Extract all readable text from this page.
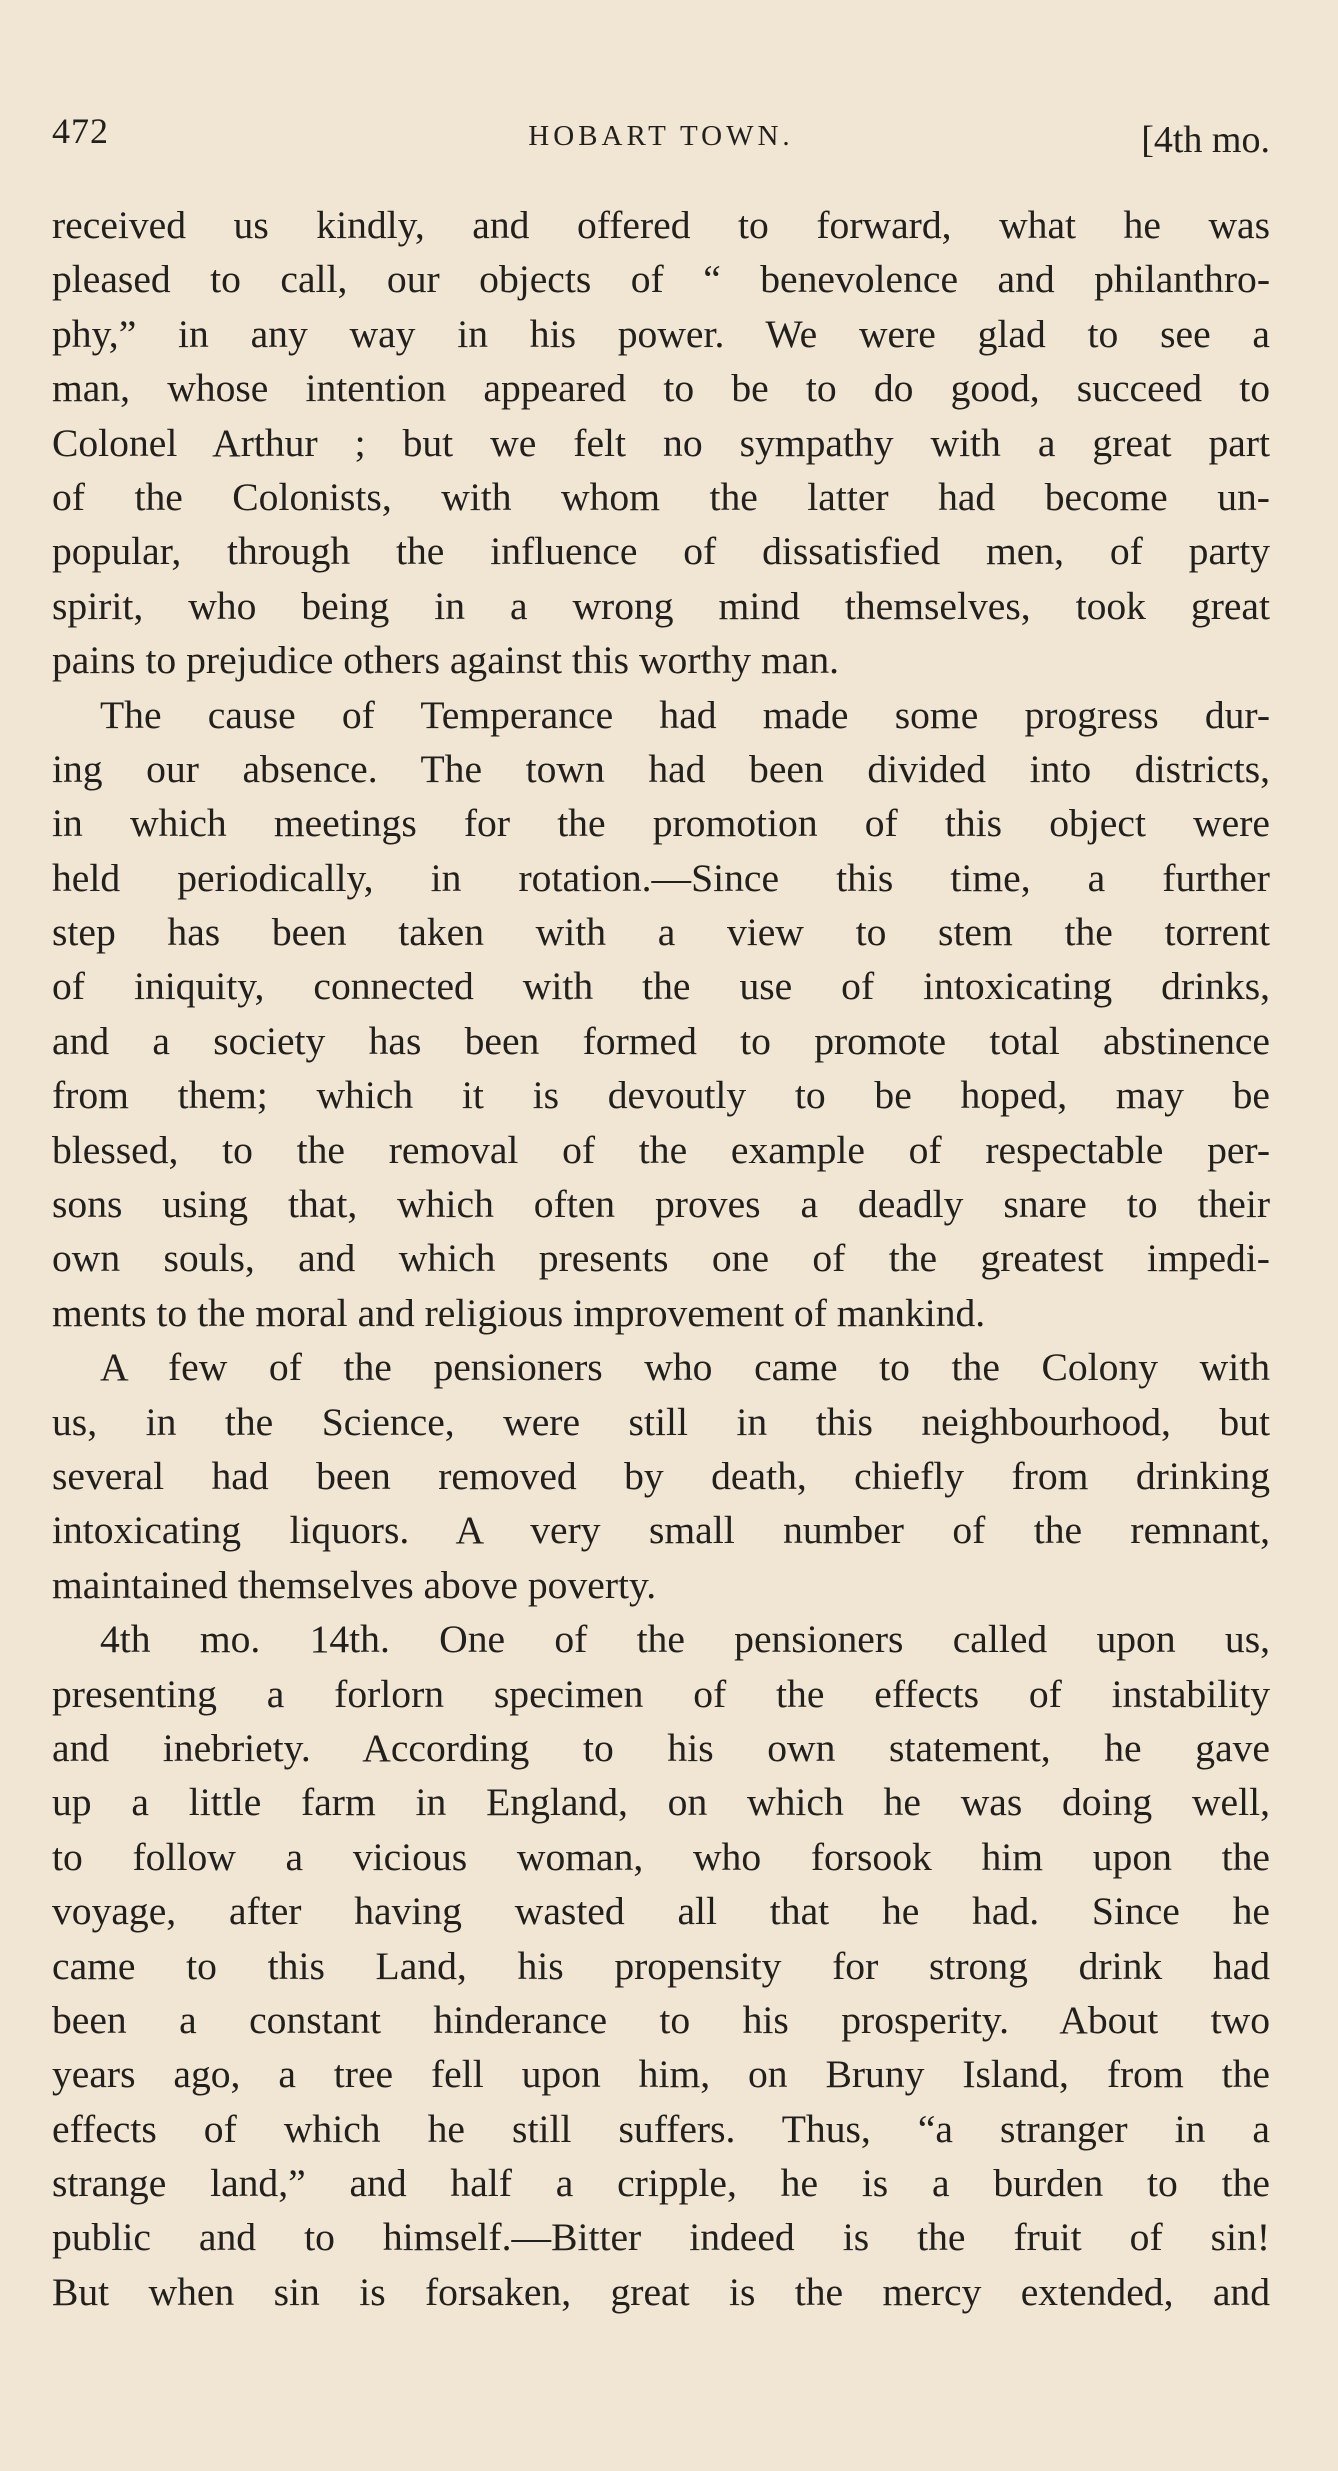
472	HOBART TOWN.	[4th mo.
received us kindly, and offered to forward, what he was
pleased to call, our objects of “ benevolence and philanthro-
phy,” in any way in his power. We were glad to see a
man, whose intention appeared to be to do good, succeed to
Colonel Arthur ; but we felt no sympathy with a great part
of the Colonists, with whom the latter had become un-
popular, through the influence of dissatisfied men, of party
spirit, who being in a wrong mind themselves, took great
pains to prejudice others against this worthy man.
The cause of Temperance had made some progress dur-
ing our absence. The town had been divided into districts,
in which meetings for the promotion of this object were
held periodically, in rotation.—Since this time, a further
step has been taken with a view to stem the torrent
of iniquity, connected with the use of intoxicating drinks,
and a society has been formed to promote total abstinence
from them; which it is devoutly to be hoped, may be
blessed, to the removal of the example of respectable per-
sons using that, which often proves a deadly snare to their
own souls, and which presents one of the greatest impedi-
ments to the moral and religious improvement of mankind.
A few of the pensioners who came to the Colony with
us, in the Science, were still in this neighbourhood, but
several had been removed by death, chiefly from drinking
intoxicating liquors. A very small number of the remnant,
maintained themselves above poverty.
4th mo. 14th. One of the pensioners called upon us,
presenting a forlorn specimen of the effects of instability
and inebriety. According to his own statement, he gave
up a little farm in England, on which he was doing well,
to follow a vicious woman, who forsook him upon the
voyage, after having wasted all that he had. Since he
came to this Land, his propensity for strong drink had
been a constant hinderance to his prosperity. About two
years ago, a tree fell upon him, on Bruny Island, from the
effects of which he still suffers. Thus, “a stranger in a
strange land,” and half a cripple, he is a burden to the
public and to himself.—Bitter indeed is the fruit of sin!
But when sin is forsaken, great is the mercy extended, and
